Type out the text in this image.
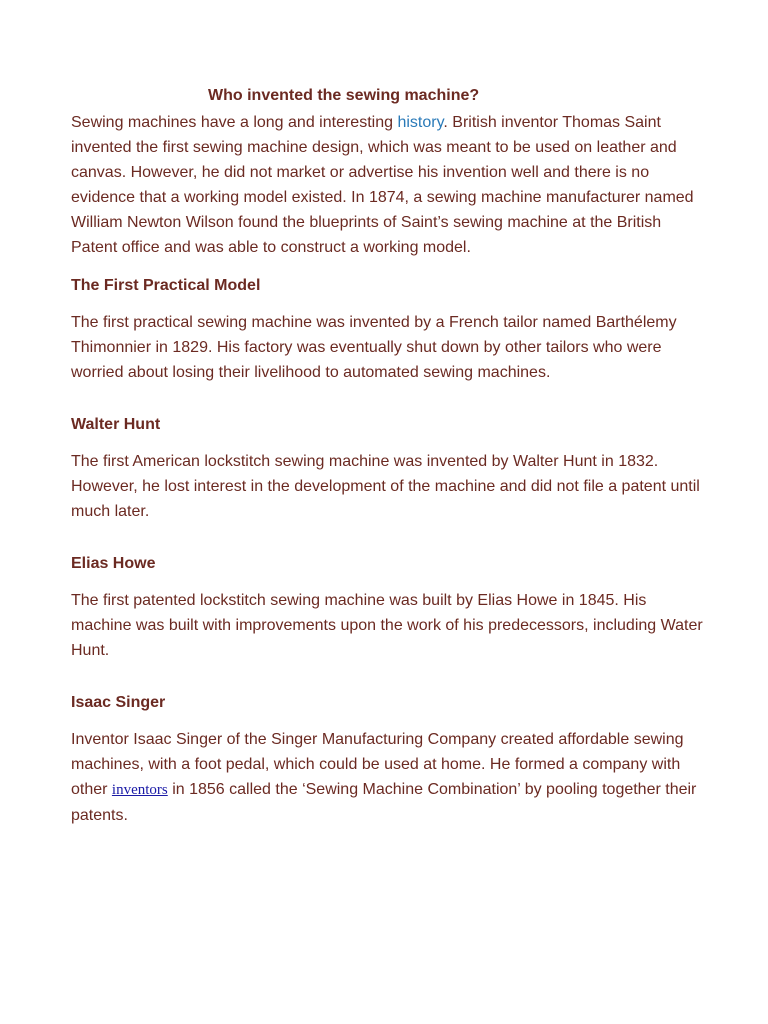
Who invented the sewing machine?

Sewing machines have a long and interesting history. British inventor Thomas Saint invented the first sewing machine design, which was meant to be used on leather and canvas. However, he did not market or advertise his invention well and there is no evidence that a working model existed. In 1874, a sewing machine manufacturer named William Newton Wilson found the blueprints of Saint’s sewing machine at the British Patent office and was able to construct a working model.

The First Practical Model

The first practical sewing machine was invented by a French tailor named Barthélemy Thimonnier in 1829. His factory was eventually shut down by other tailors who were worried about losing their livelihood to automated sewing machines.

Walter Hunt

The first American lockstitch sewing machine was invented by Walter Hunt in 1832. However, he lost interest in the development of the machine and did not file a patent until much later.

Elias Howe

The first patented lockstitch sewing machine was built by Elias Howe in 1845. His machine was built with improvements upon the work of his predecessors, including Water Hunt.

Isaac Singer

Inventor Isaac Singer of the Singer Manufacturing Company created affordable sewing machines, with a foot pedal, which could be used at home. He formed a company with other inventors in 1856 called the ‘Sewing Machine Combination’ by pooling together their patents.
